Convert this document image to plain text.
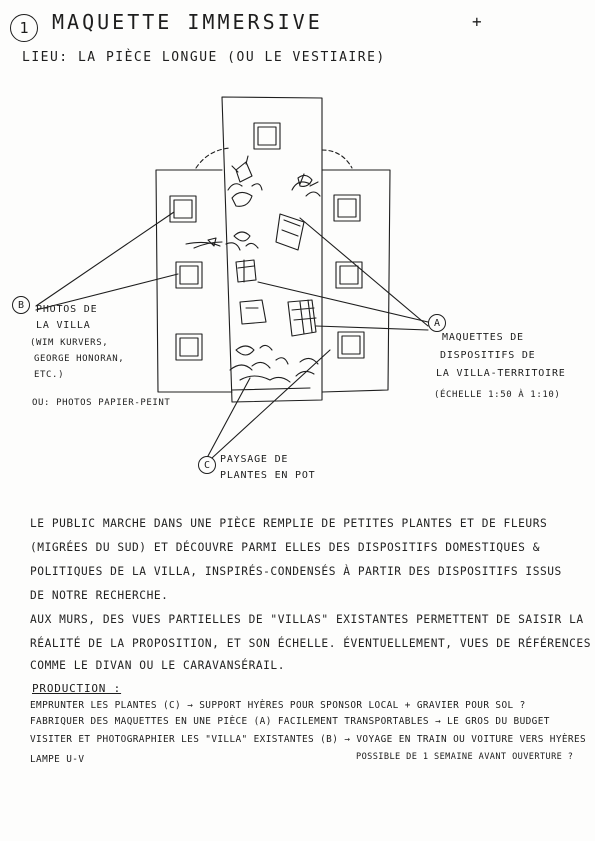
1	MAQUETTE IMMERSIVE	+
LIEU: LA PIÈCE LONGUE (OU LE VESTIAIRE)
B	PHOTOS DE
LA VILLA
(WIM KURVERS,
GEORGE HONORAN,
ETC.)
OU: PHOTOS PAPIER-PEINT
A
MAQUETTES DE
DISPOSITIFS DE
LA VILLA-TERRITOIRE
(ÉCHELLE 1:50 À 1:10)
C PAYSAGE DE
PLANTES EN POT
LE PUBLIC MARCHE DANS UNE PIÈCE REMPLIE DE PETITES PLANTES ET DE FLEURS
(MIGRÉES DU SUD) ET DÉCOUVRE PARMI ELLES DES DISPOSITIFS DOMESTIQUES &
POLITIQUES DE LA VILLA, INSPIRÉS-CONDENSÉS À PARTIR DES DISPOSITIFS ISSUS
DE NOTRE RECHERCHE.
AUX MURS, DES VUES PARTIELLES DE "VILLAS" EXISTANTES PERMETTENT DE SAISIR LA
RÉALITÉ DE LA PROPOSITION, ET SON ÉCHELLE. ÉVENTUELLEMENT, VUES DE RÉFÉRENCES
COMME LE DIVAN OU LE CARAVANSÉRAIL.
PRODUCTION :
EMPRUNTER LES PLANTES (C) → SUPPORT HYÈRES POUR SPONSOR LOCAL + GRAVIER POUR SOL ?
FABRIQUER DES MAQUETTES EN UNE PIÈCE (A) FACILEMENT TRANSPORTABLES → LE GROS DU BUDGET
VISITER ET PHOTOGRAPHIER LES "VILLA" EXISTANTES (B) → VOYAGE EN TRAIN OU VOITURE VERS HYÈRES
LAMPE U-V	POSSIBLE DE 1 SEMAINE AVANT OUVERTURE ?
